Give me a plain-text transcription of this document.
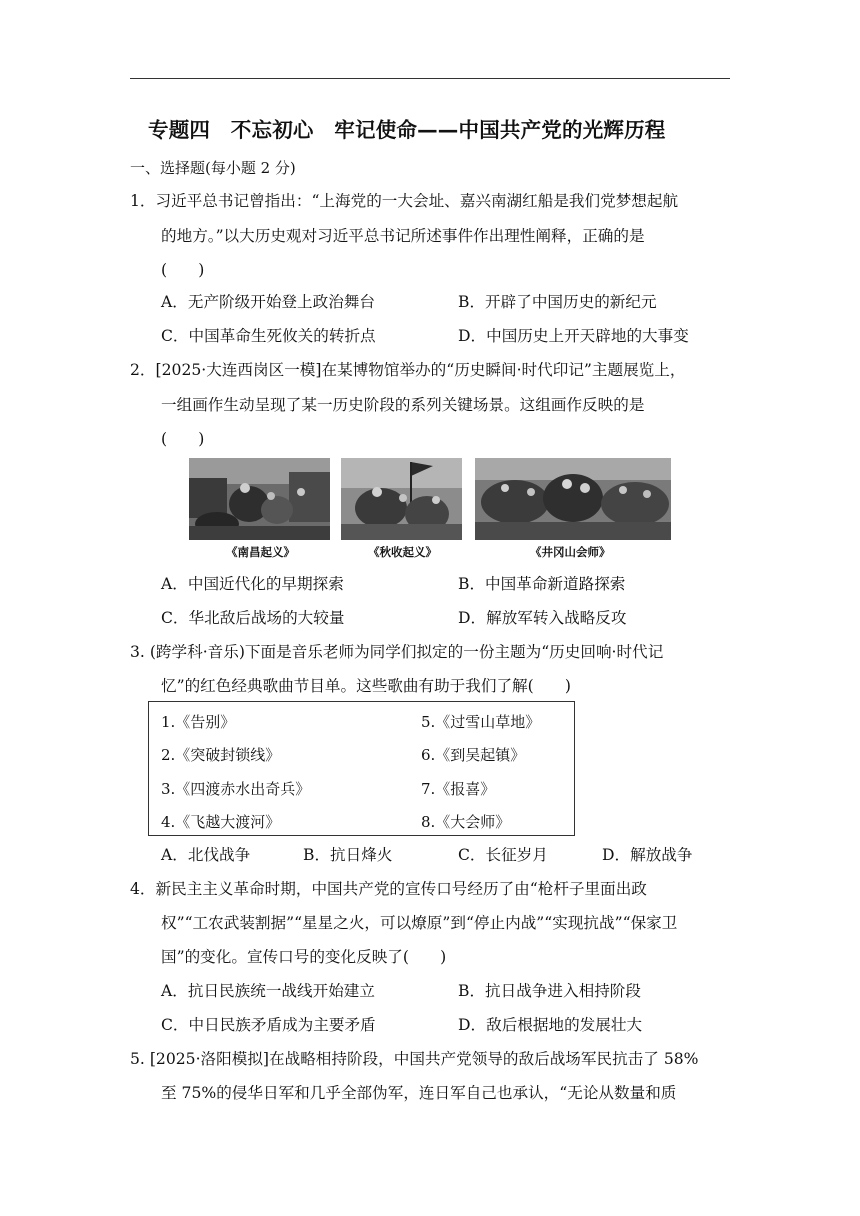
专题四　不忘初心　牢记使命——中国共产党的光辉历程
一、选择题(每小题 2 分)
1．习近平总书记曾指出：“上海党的一大会址、嘉兴南湖红船是我们党梦想起航
的地方。”以大历史观对习近平总书记所述事件作出理性阐释，正确的是
(　　)
A．无产阶级开始登上政治舞台	B．开辟了中国历史的新纪元
C．中国革命生死攸关的转折点	D．中国历史上开天辟地的大事变
2．[2025·大连西岗区一模]在某博物馆举办的“历史瞬间·时代印记”主题展览上，
一组画作生动呈现了某一历史阶段的系列关键场景。这组画作反映的是
(　　)
《南昌起义》	《秋收起义》	《井冈山会师》
A．中国近代化的早期探索	B．中国革命新道路探索
C．华北敌后战场的大较量	D．解放军转入战略反攻
3. (跨学科·音乐)下面是音乐老师为同学们拟定的一份主题为“历史回响·时代记
忆”的红色经典歌曲节目单。这些歌曲有助于我们了解(　　)
1.《告别》	5.《过雪山草地》
2.《突破封锁线》	6.《到吴起镇》
3.《四渡赤水出奇兵》	7.《报喜》
4.《飞越大渡河》	8.《大会师》
A．北伐战争	B．抗日烽火	C．长征岁月	D．解放战争
4．新民主主义革命时期，中国共产党的宣传口号经历了由“枪杆子里面出政
权”“工农武装割据”“星星之火，可以燎原”到“停止内战”“实现抗战”“保家卫
国”的变化。宣传口号的变化反映了(　　)
A．抗日民族统一战线开始建立	B．抗日战争进入相持阶段
C．中日民族矛盾成为主要矛盾	D．敌后根据地的发展壮大
5. [2025·洛阳模拟]在战略相持阶段，中国共产党领导的敌后战场军民抗击了 58%
至 75%的侵华日军和几乎全部伪军，连日军自己也承认，“无论从数量和质
